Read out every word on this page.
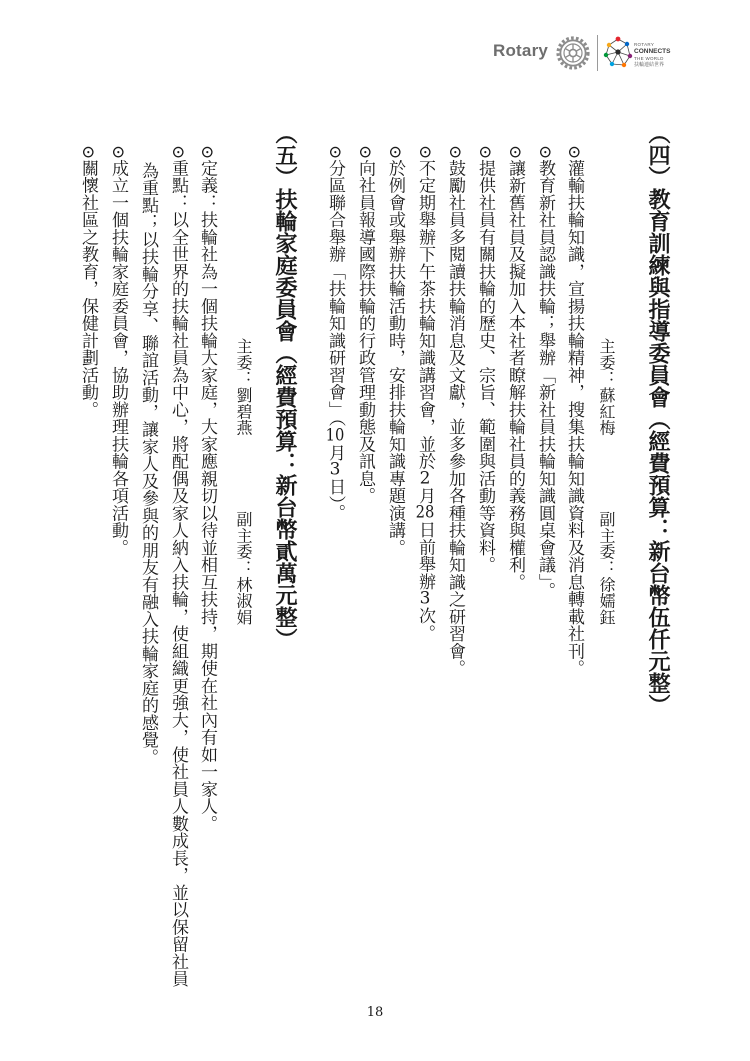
Rotary	ROTARY
CONNECTS
THE WORLD
扶輪連結世界
（四）教育訓練與指導委員會（經費預算：新台幣伍仟元整）
主委：蘇紅梅
副主委：徐嬬鈺

⊙灌輸扶輪知識，宣揚扶輪精神，搜集扶輪知識資料及消息轉載社刊。

⊙教育新社員認識扶輪；舉辦「新社員扶輪知識圓桌會議」。

⊙讓新舊社員及擬加入本社者瞭解扶輪社員的義務與權利。

⊙提供社員有關扶輪的歷史、宗旨、範圍與活動等資料。

⊙鼓勵社員多閱讀扶輪消息及文獻，並多參加各種扶輪知識之研習會。

⊙不定期舉辦下午茶扶輪知識講習會，並於2月28日前舉辦3次。

⊙於例會或舉辦扶輪活動時，安排扶輪知識專題演講。

⊙向社員報導國際扶輪的行政管理動態及訊息。

⊙分區聯合舉辦「扶輪知識研習會」（10月3日）。

（五）扶輪家庭委員會（經費預算：新台幣貳萬元整）
主委：劉碧燕
副主委：林淑娟

⊙定義：扶輪社為一個扶輪大家庭，大家應親切以待並相互扶持，期使在社內有如一家人。

⊙重點：以全世界的扶輪社員為中心，將配偶及家人納入扶輪，使組織更強大，使社員人數成長，並以保留社員

為重點；以扶輪分享、聯誼活動，讓家人及參與的朋友有融入扶輪家庭的感覺。

⊙成立一個扶輪家庭委員會，協助辦理扶輪各項活動。

⊙關懷社區之教育，保健計劃活動。

18
